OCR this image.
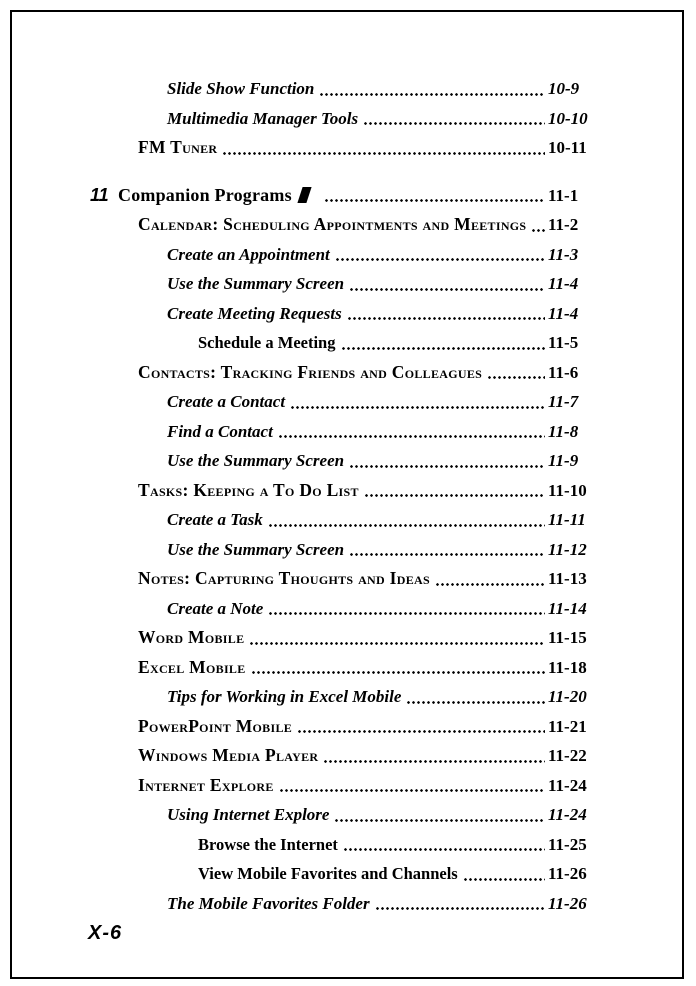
Slide Show Function	10-9
Multimedia Manager Tools	10-10
FM Tuner	10-11
11 Companion Programs	11-1
Calendar: Scheduling Appointments and Meetings 11-2
Create an Appointment	11-3
Use the Summary Screen	11-4
Create Meeting Requests	11-4
Schedule a Meeting	11-5
Contacts: Tracking Friends and Colleagues	11-6
Create a Contact	11-7
Find a Contact	11-8
Use the Summary Screen	11-9
Tasks: Keeping a To Do List	11-10
Create a Task	11-11
Use the Summary Screen	11-12
Notes: Capturing Thoughts and Ideas	11-13
Create a Note	11-14
Word Mobile	11-15
Excel Mobile	11-18
Tips for Working in Excel Mobile	11-20
PowerPoint Mobile	11-21
Windows Media Player	11-22
Internet Explore	11-24
Using Internet Explore	11-24
Browse the Internet	11-25
View Mobile Favorites and Channels	11-26
The Mobile Favorites Folder	11-26
X-6
